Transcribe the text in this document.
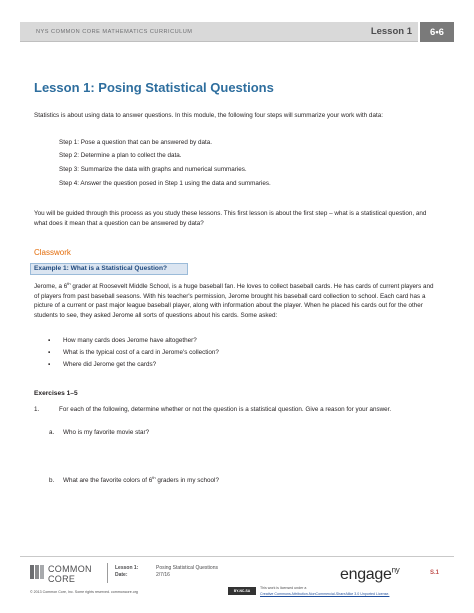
NYS COMMON CORE MATHEMATICS CURRICULUM	Lesson 1	6•6
Lesson 1: Posing Statistical Questions
Statistics is about using data to answer questions. In this module, the following four steps will summarize your work with data:
Step 1: Pose a question that can be answered by data.
Step 2: Determine a plan to collect the data.
Step 3: Summarize the data with graphs and numerical summaries.
Step 4: Answer the question posed in Step 1 using the data and summaries.
You will be guided through this process as you study these lessons. This first lesson is about the first step – what is a statistical question, and what does it mean that a question can be answered by data?
Classwork
Example 1: What is a Statistical Question?
Jerome, a 6th grader at Roosevelt Middle School, is a huge baseball fan. He loves to collect baseball cards. He has cards of current players and of players from past baseball seasons. With his teacher's permission, Jerome brought his baseball card collection to school. Each card has a picture of a current or past major league baseball player, along with information about the player. When he placed his cards out for the other students to see, they asked Jerome all sorts of questions about his cards. Some asked:
▪ How many cards does Jerome have altogether?
▪ What is the typical cost of a card in Jerome's collection?
▪ Where did Jerome get the cards?
Exercises 1–5
1.	For each of the following, determine whether or not the question is a statistical question. Give a reason for your answer.
a.	Who is my favorite movie star?
b.	What are the favorite colors of 6th graders in my school?
COMMON
CORE
Lesson 1:	Posing Statistical Questions
Date:	2/7/16	engage$^{ny}$	S.1
© 2013 Common Core, Inc. Some rights reserved. commoncore.org	BY-NC-SA
This work is licensed under a
Creative Commons Attribution-NonCommercial-ShareAlike 3.0 Unported License.
